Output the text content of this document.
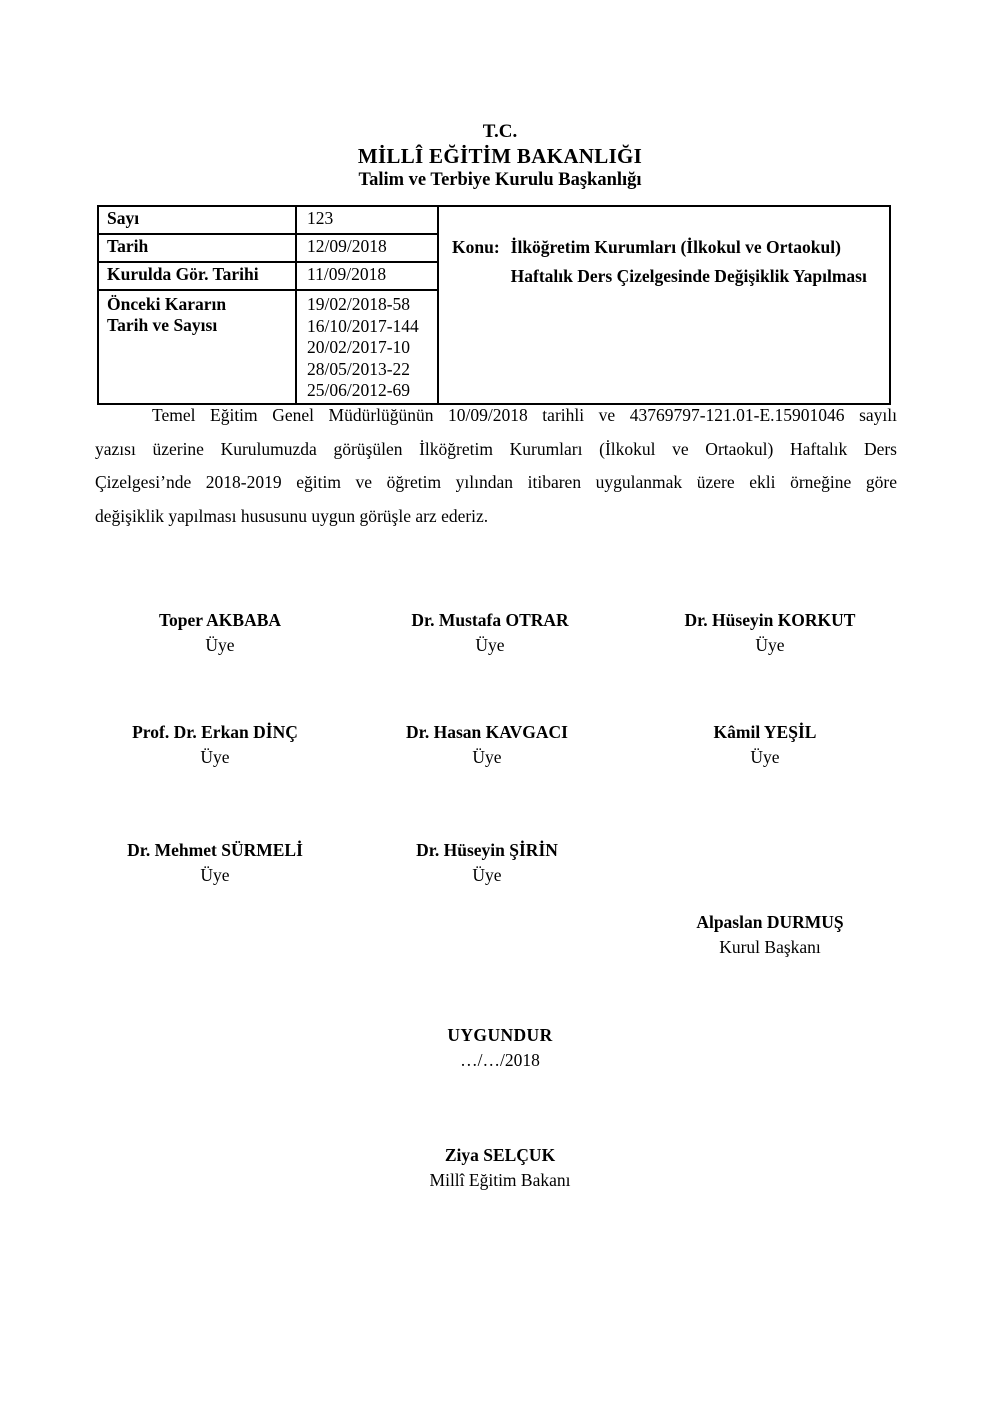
T.C.
MİLLÎ EĞİTİM BAKANLIĞI
Talim ve Terbiye Kurulu Başkanlığı
Sayı	123	Konu: İlköğretim Kurumları (İlkokul ve Ortaokul) Haftalık Ders Çizelgesinde Değişiklik Yapılması

Tarih	12/09/2018	
Kurulda Gör. Tarihi	11/09/2018	

Önceki Kararın Tarih ve Sayısı	19/02/2018-58
16/10/2017-144
20/02/2017-10
28/05/2013-22
25/06/2012-69	
Temel Eğitim Genel Müdürlüğünün 10/09/2018 tarihli ve 43769797-121.01-E.15901046 sayılı
yazısı üzerine Kurulumuzda görüşülen İlköğretim Kurumları (İlkokul ve Ortaokul) Haftalık Ders
Çizelgesi’nde 2018-2019 eğitim ve öğretim yılından itibaren uygulanmak üzere ekli örneğine göre
değişiklik yapılması hususunu uygun görüşle arz ederiz.
Toper AKBABA
Üye
Dr. Mustafa OTRAR
Üye
Dr. Hüseyin KORKUT
Üye
Prof. Dr. Erkan DİNÇ
Üye
Dr. Hasan KAVGACI
Üye
Kâmil YEŞİL
Üye
Dr. Mehmet SÜRMELİ
Üye
Dr. Hüseyin ŞİRİN
Üye
Alpaslan DURMUŞ
Kurul Başkanı
UYGUNDUR
…/…/2018
Ziya SELÇUK
Millî Eğitim Bakanı
